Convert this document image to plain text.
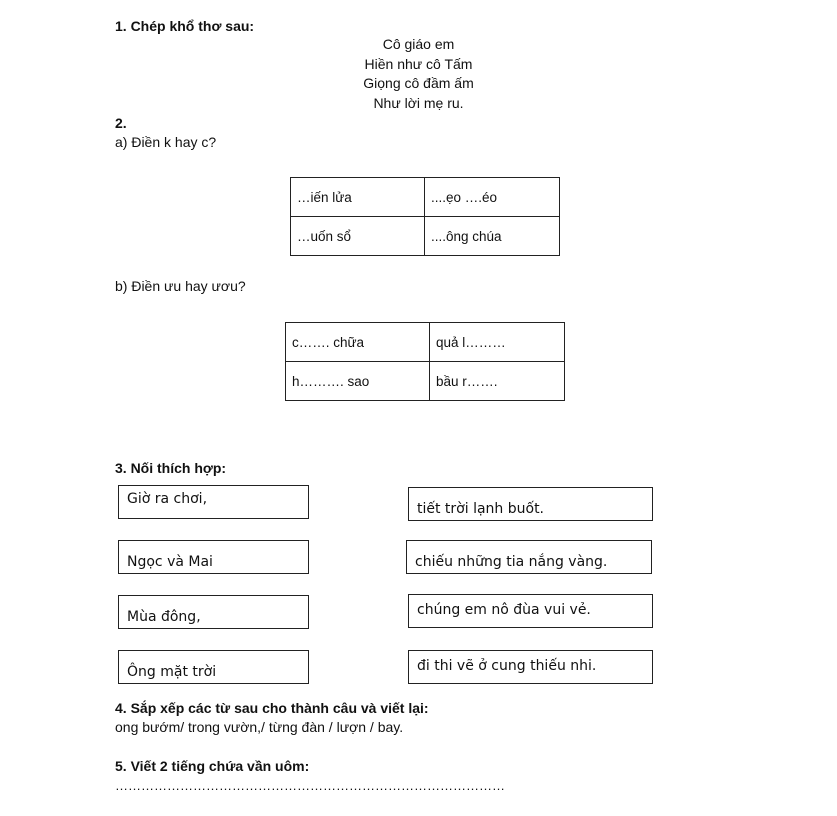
1. Chép khổ thơ sau:
Cô giáo em
Hiền như cô Tấm
Giọng cô đầm ấm
Như lời mẹ ru.
2.
a) Điền k hay c?
…iến lửa	....ẹo ….éo
…uốn sổ	....ông chúa
b) Điền ưu hay ươu?
c……. chữa	quả l………
h………. sao	bầu r…….
3. Nối thích hợp:
Giờ ra chơi,
Ngọc và Mai
Mùa đông,
Ông mặt trời
tiết trời lạnh buốt.
chiếu những tia nắng vàng.
chúng em nô đùa vui vẻ.
đi thi vẽ ở cung thiếu nhi.
4. Sắp xếp các từ sau cho thành câu và viết lại:
ong bướm/ trong vườn,/ từng đàn / lượn / bay.
5. Viết 2 tiếng chứa vần uôm:
………………………………………………………………………………
